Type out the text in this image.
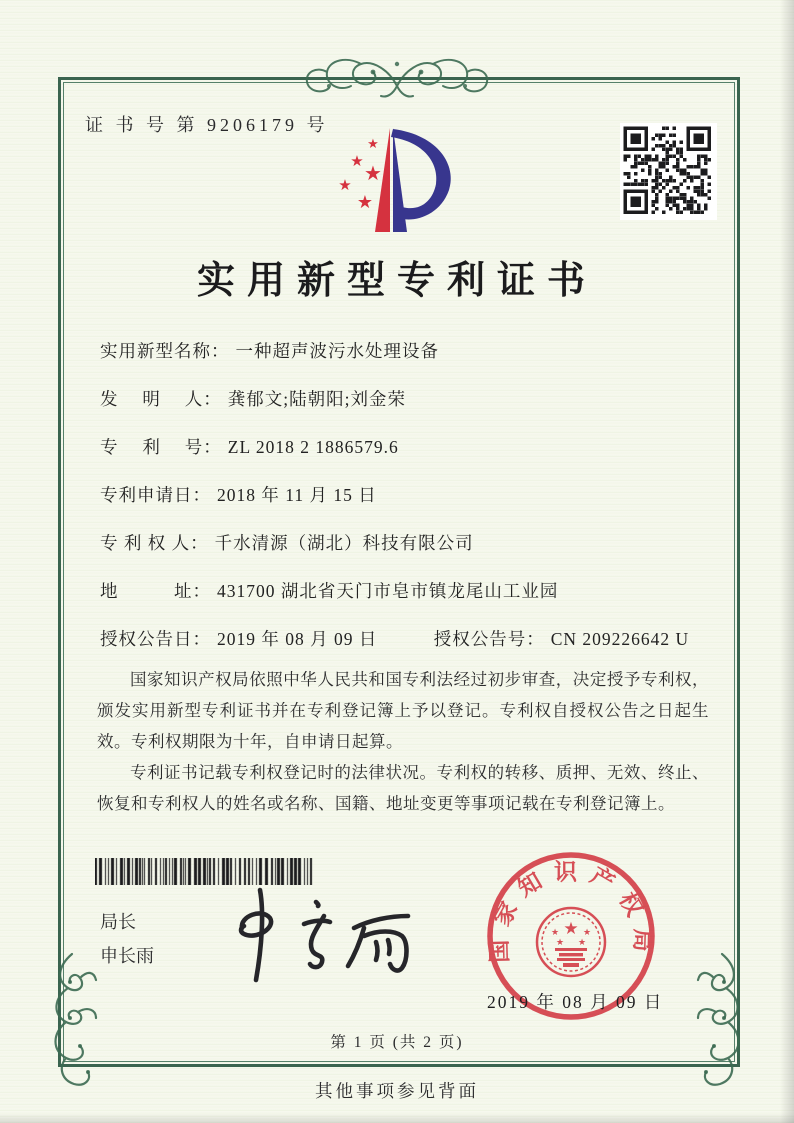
证 书 号 第 9206179 号
★
★ ★
★
★
实用新型专利证书
实用新型名称： 一种超声波污水处理设备
发　 明 　人： 龚郁文;陆朝阳;刘金荣
专　 利 　号： ZL 2018 2 1886579.6
专利申请日： 2018 年 11 月 15 日
专 利 权 人： 千水清源（湖北）科技有限公司
地　　　址： 431700 湖北省天门市皂市镇龙尾山工业园
授权公告日： 2019 年 08 月 09 日	授权公告号： CN 209226642 U

国家知识产权局依照中华人民共和国专利法经过初步审查，决定授予专利权，颁发实用新型专利证书并在专利登记簿上予以登记。专利权自授权公告之日起生效。专利权期限为十年，自申请日起算。

专利证书记载专利权登记时的法律状况。专利权的转移、质押、无效、终止、恢复和专利权人的姓名或名称、国籍、地址变更等事项记载在专利登记簿上。

局长
申长雨	国家知识产权局
★
★	★
★ ★
2019 年 08 月 09 日
第 1 页 (共 2 页)
其他事项参见背面
